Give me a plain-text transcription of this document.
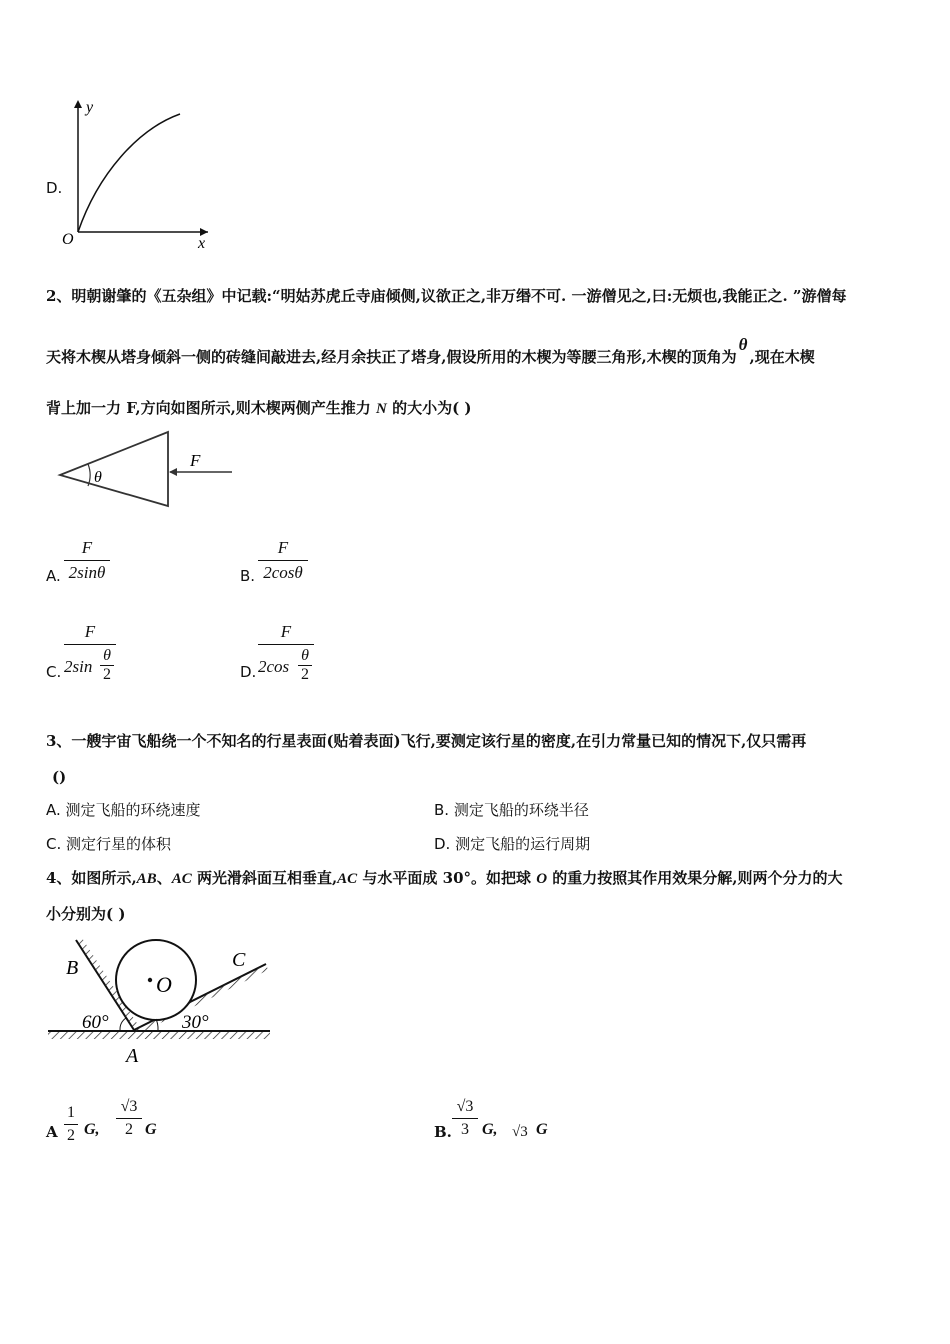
D.
y
x
O
2、明朝谢肇的《五杂组》中记载:“明姑苏虎丘寺庙倾侧,议欲正之,非万缗不可. 一游僧见之,曰:无烦也,我能正之. ”游僧每
天将木楔从塔身倾斜一侧的砖缝间敲进去,经月余扶正了塔身,假设所用的木楔为等腰三角形,木楔的顶角为θ,现在木楔
背上加一力 F,方向如图所示,则木楔两侧产生推力 N 的大小为( )
θ
F
A.
F
2sinθ	B.
F
2cosθ
C.
F
2sin
θ
2	D.
F
2cos
θ
2
3、一艘宇宙飞船绕一个不知名的行星表面(贴着表面)飞行,要测定该行星的密度,在引力常量已知的情况下,仅只需再
()
A. 测定飞船的环绕速度	B. 测定飞船的环绕半径
C. 测定行星的体积	D. 测定飞船的运行周期
4、如图所示,AB、AC 两光滑斜面互相垂直,AC 与水平面成 30°。如把球 O 的重力按照其作用效果分解,则两个分力的大
小分别为( )
B	C
O
A
60°	30°
A
1
2 G,
√3
2 G	B.
√3
3 G, √3 G
